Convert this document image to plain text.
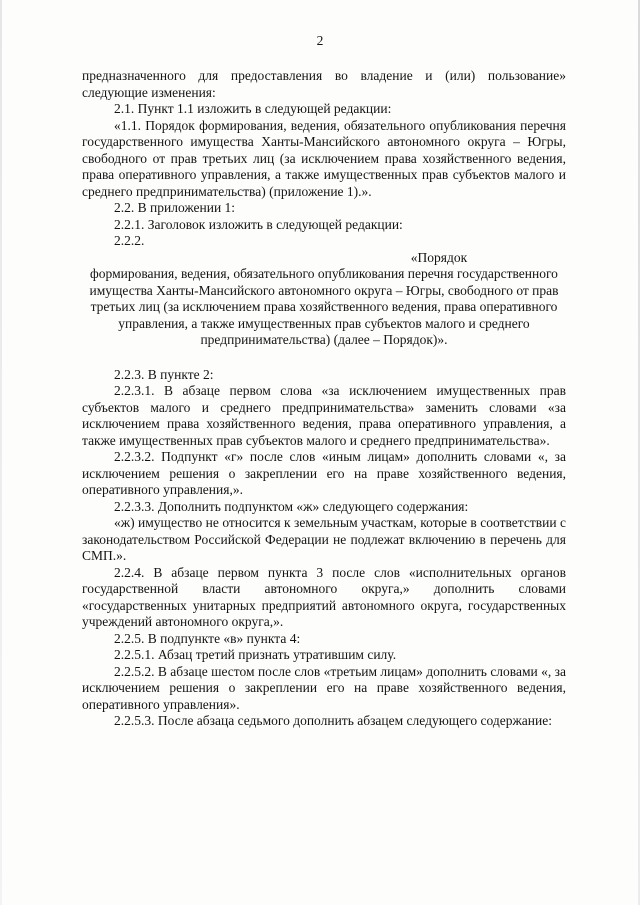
2

предназначенного для предоставления во владение и (или) пользование» следующие изменения:

2.1. Пункт 1.1 изложить в следующей редакции:

«1.1. Порядок формирования, ведения, обязательного опубликования перечня государственного имущества Ханты-Мансийского автономного округа – Югры, свободного от прав третьих лиц (за исключением права хозяйственного ведения, права оперативного управления, а также имущественных прав субъектов малого и среднего предпринимательства) (приложение 1).».

2.2. В приложении 1:

2.2.1. Заголовок изложить в следующей редакции:

2.2.2.

«Порядок

формирования, ведения, обязательного опубликования перечня государственного имущества Ханты-Мансийского автономного округа – Югры, свободного от прав третьих лиц (за исключением права хозяйственного ведения, права оперативного управления, а также имущественных прав субъектов малого и среднего предпринимательства) (далее – Порядок)».

2.2.3. В пункте 2:

2.2.3.1. В абзаце первом слова «за исключением имущественных прав субъектов малого и среднего предпринимательства» заменить словами «за исключением права хозяйственного ведения, права оперативного управления, а также имущественных прав субъектов малого и среднего предпринимательства».

2.2.3.2. Подпункт «г» после слов «иным лицам» дополнить словами «, за исключением решения о закреплении его на праве хозяйственного ведения, оперативного управления,».

2.2.3.3. Дополнить подпунктом «ж» следующего содержания:

«ж) имущество не относится к земельным участкам, которые в соответствии с законодательством Российской Федерации не подлежат включению в перечень для СМП.».

2.2.4. В абзаце первом пункта 3 после слов «исполнительных органов государственной власти автономного округа,» дополнить словами «государственных унитарных предприятий автономного округа, государственных учреждений автономного округа,».

2.2.5. В подпункте «в» пункта 4:

2.2.5.1. Абзац третий признать утратившим силу.

2.2.5.2. В абзаце шестом после слов «третьим лицам» дополнить словами «, за исключением решения о закреплении его на праве хозяйственного ведения, оперативного управления».

2.2.5.3. После абзаца седьмого дополнить абзацем следующего содержание:
